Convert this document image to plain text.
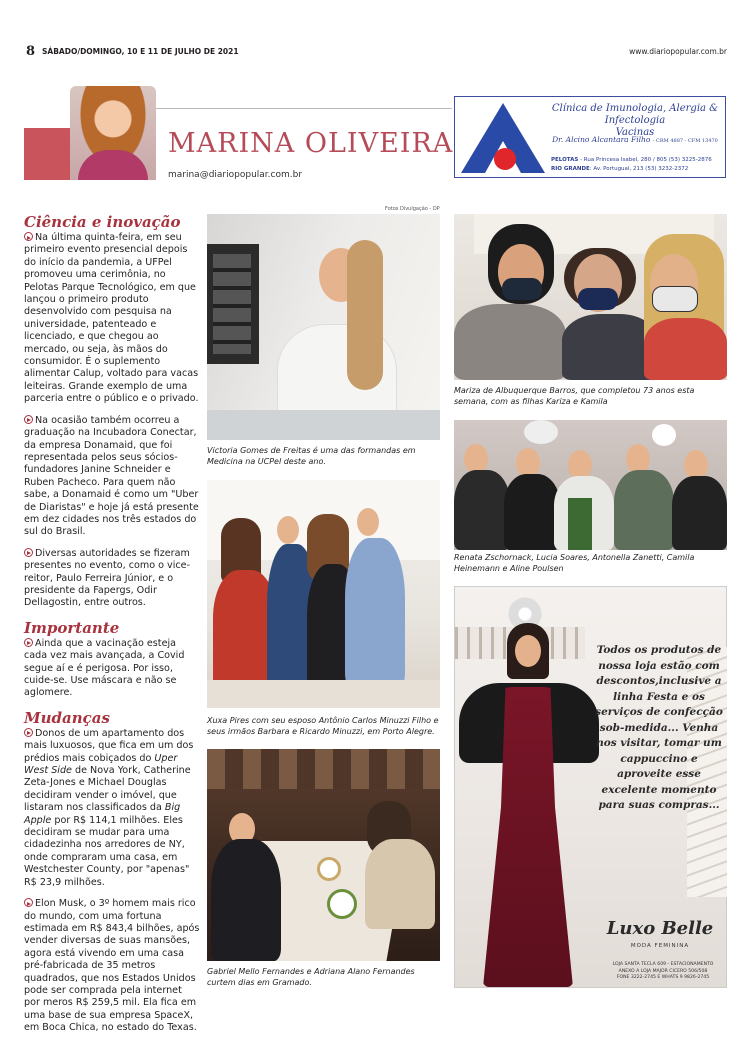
8 SÁBADO/DOMINGO, 10 E 11 DE JULHO DE 2021	www.diariopopular.com.br
MARINA OLIVEIRA
marina@diariopopular.com.br
Clínica de Imunologia, Alergia & Infectologia
Vacinas
Dr. Alcino Alcantara Filho - CRM 4887 - CFM 13470
PELOTAS - Rua Princesa Isabel, 280 / 805 (53) 3225-2876
RIO GRANDE: Av. Portugual, 213 (53) 3232-2372
Fotos Divulgação - DP
Ciência e inovação

Na última quinta-feira, em seu primeiro evento presencial depois do início da pandemia, a UFPel promoveu uma cerimônia, no Pelotas Parque Tecnológico, em que lançou o primeiro produto desenvolvido com pesquisa na universidade, patenteado e licenciado, e que chegou ao mercado, ou seja, às mãos do consumidor. É o suplemento alimentar Calup, voltado para vacas leiteiras. Grande exemplo de uma parceria entre o público e o privado.

Na ocasião também ocorreu a graduação na Incubadora Conectar, da empresa Donamaid, que foi representada pelos seus sócios-fundadores Janine Schneider e Ruben Pacheco. Para quem não sabe, a Donamaid é como um "Uber de Diaristas" e hoje já está presente em dez cidades nos três estados do sul do Brasil.

Diversas autoridades se fizeram presentes no evento, como o vice-reitor, Paulo Ferreira Júnior, e o presidente da Fapergs, Odir Dellagostin, entre outros.

Importante

Ainda que a vacinação esteja cada vez mais avançada, a Covid segue aí e é perigosa. Por isso, cuide-se. Use máscara e não se aglomere.

Mudanças

Donos de um apartamento dos mais luxuosos, que fica em um dos prédios mais cobiçados do Uper West Side de Nova York, Catherine Zeta-Jones e Michael Douglas decidiram vender o imóvel, que listaram nos classificados da Big Apple por R$ 114,1 milhões. Eles decidiram se mudar para uma cidadezinha nos arredores de NY, onde compraram uma casa, em Westchester County, por "apenas" R$ 23,9 milhões.

Elon Musk, o 3º homem mais rico do mundo, com uma fortuna estimada em R$ 843,4 bilhões, após vender diversas de suas mansões, agora está vivendo em uma casa pré-fabricada de 35 metros quadrados, que nos Estados Unidos pode ser comprada pela internet por meros R$ 259,5 mil. Ela fica em uma base de sua empresa SpaceX, em Boca Chica, no estado do Texas.

Victoria Gomes de Freitas é uma das formandas em Medicina na UCPel deste ano.
Xuxa Pires com seu esposo Antônio Carlos Minuzzi Filho e seus irmãos Barbara e Ricardo Minuzzi, em Porto Alegre.
Gabriel Mello Fernandes e Adriana Alano Fernandes curtem dias em Gramado.
Mariza de Albuquerque Barros, que completou 73 anos esta semana, com as filhas Kariza e Kamila
Renata Zschornack, Lucia Soares, Antonella Zanetti, Camila Heinemann e Aline Poulsen
Todos os produtos de nossa loja estão com descontos,inclusive a linha Festa e os serviços de confecção sob-medida... Venha nos visitar, tomar um cappuccino e aproveite esse excelente momento para suas compras...
Luxo Belle
MODA FEMININA
LOJA SANTA TECLA 609 - ESTACIONAMENTO
ANEXO A LOJA MAJOR CICERO 506/508
FONE 3222-2745 E WHATS 9 9826-2745
